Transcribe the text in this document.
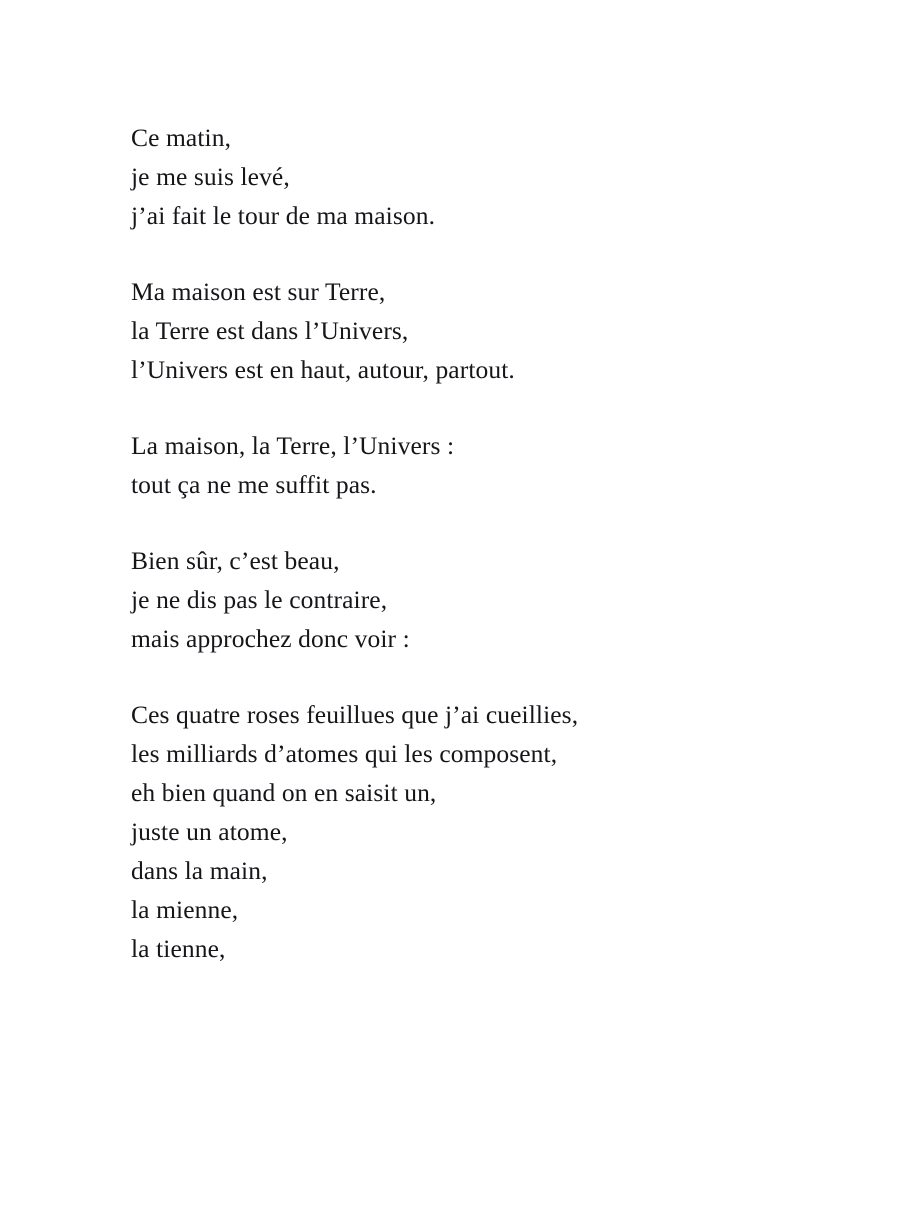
Ce matin,
je me suis levé,
j’ai fait le tour de ma maison.
Ma maison est sur Terre,
la Terre est dans l’Univers,
l’Univers est en haut, autour, partout.
La maison, la Terre, l’Univers :
tout ça ne me suffit pas.
Bien sûr, c’est beau,
je ne dis pas le contraire,
mais approchez donc voir :
Ces quatre roses feuillues que j’ai cueillies,
les milliards d’atomes qui les composent,
eh bien quand on en saisit un,
juste un atome,
dans la main,
la mienne,
la tienne,
